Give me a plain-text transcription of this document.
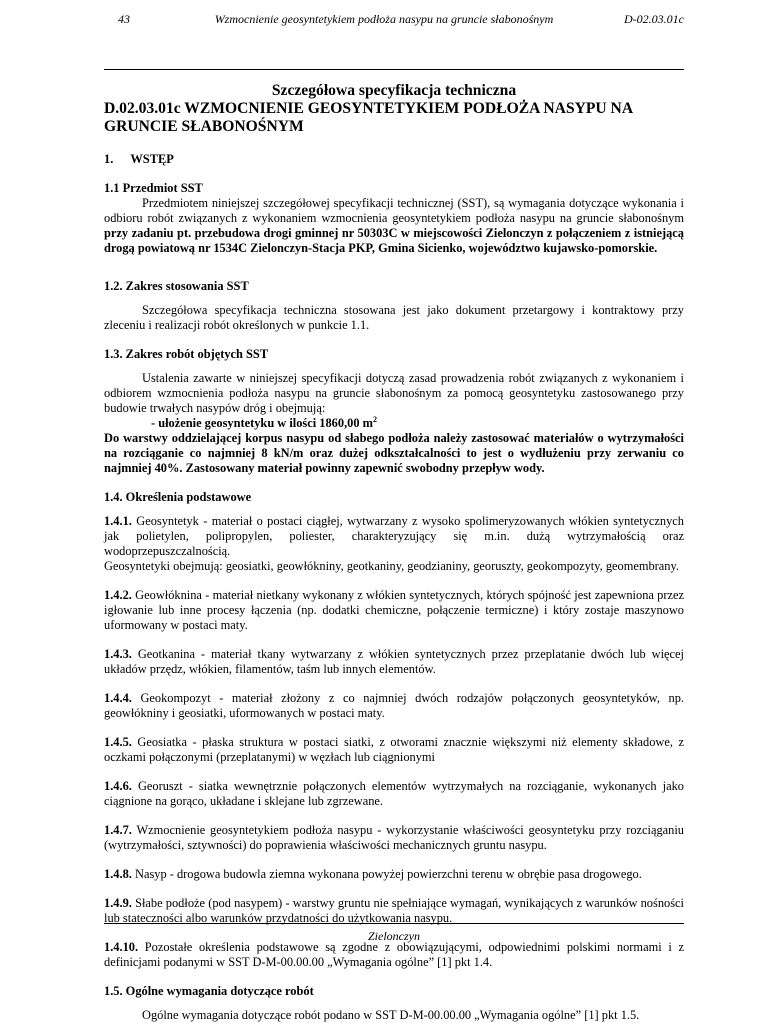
43	Wzmocnienie geosyntetykiem podłoża nasypu na gruncie słabonośnym	D-02.03.01c
Szczegółowa specyfikacja techniczna
D.02.03.01c WZMOCNIENIE GEOSYNTETYKIEM PODŁOŻA NASYPU NA GRUNCIE SŁABONOŚNYM
1. WSTĘP
1.1 Przedmiot SST

Przedmiotem niniejszej szczegółowej specyfikacji technicznej (SST), są wymagania dotyczące wykonania i odbioru robót związanych z wykonaniem wzmocnienia geosyntetykiem podłoża nasypu na gruncie słabonośnym przy zadaniu pt. przebudowa drogi gminnej nr 50303C w miejscowości Zielonczyn z połączeniem z istniejącą drogą powiatową nr 1534C Zielonczyn-Stacja PKP, Gmina Sicienko, województwo kujawsko-pomorskie.

1.2. Zakres stosowania SST

Szczegółowa specyfikacja techniczna stosowana jest jako dokument przetargowy i kontraktowy przy zleceniu i realizacji robót określonych w punkcie 1.1.

1.3. Zakres robót objętych SST

Ustalenia zawarte w niniejszej specyfikacji dotyczą zasad prowadzenia robót związanych z wykonaniem i odbiorem wzmocnienia podłoża nasypu na gruncie słabonośnym za pomocą geosyntetyku zastosowanego przy budowie trwałych nasypów dróg i obejmują:

- ułożenie geosyntetyku w ilości 1860,00 $m^2$

Do warstwy oddzielającej korpus nasypu od słabego podłoża należy zastosować materiałów o wytrzymałości na rozciąganie co najmniej 8 kN/m oraz dużej odkształcalności to jest o wydłużeniu przy zerwaniu co najmniej 40%. Zastosowany materiał powinny zapewnić swobodny przepływ wody.

1.4. Określenia podstawowe

1.4.1. Geosyntetyk - materiał o postaci ciągłej, wytwarzany z wysoko spolimeryzowanych włókien syntetycznych jak polietylen, polipropylen, poliester, charakteryzujący się m.in. dużą wytrzymałością oraz wodoprzepuszczalnością.
Geosyntetyki obejmują: geosiatki, geowłókniny, geotkaniny, geodzianiny, georuszty, geokompozyty, geomembrany.

1.4.2. Geowłóknina - materiał nietkany wykonany z włókien syntetycznych, których spójność jest zapewniona przez igłowanie lub inne procesy łączenia (np. dodatki chemiczne, połączenie termiczne) i który zostaje maszynowo uformowany w postaci maty.

1.4.3. Geotkanina - materiał tkany wytwarzany z włókien syntetycznych przez przeplatanie dwóch lub więcej układów przędz, włókien, filamentów, taśm lub innych elementów.

1.4.4. Geokompozyt - materiał złożony z co najmniej dwóch rodzajów połączonych geosyntetyków, np. geowłókniny i geosiatki, uformowanych w postaci maty.

1.4.5. Geosiatka - płaska struktura w postaci siatki, z otworami znacznie większymi niż elementy składowe, z oczkami połączonymi (przeplatanymi) w węzłach lub ciągnionymi

1.4.6. Georuszt - siatka wewnętrznie połączonych elementów wytrzymałych na rozciąganie, wykonanych jako ciągnione na gorąco, układane i sklejane lub zgrzewane.

1.4.7. Wzmocnienie geosyntetykiem podłoża nasypu - wykorzystanie właściwości geosyntetyku przy rozciąganiu (wytrzymałości, sztywności) do poprawienia właściwości mechanicznych gruntu nasypu.

1.4.8. Nasyp - drogowa budowla ziemna wykonana powyżej powierzchni terenu w obrębie pasa drogowego.

1.4.9. Słabe podłoże (pod nasypem) - warstwy gruntu nie spełniające wymagań, wynikających z warunków nośności lub stateczności albo warunków przydatności do użytkowania nasypu.

1.4.10. Pozostałe określenia podstawowe są zgodne z obowiązującymi, odpowiednimi polskimi normami i z definicjami podanymi w SST D-M-00.00.00 „Wymagania ogólne” [1] pkt 1.4.

1.5. Ogólne wymagania dotyczące robót

Ogólne wymagania dotyczące robót podano w SST D-M-00.00.00 „Wymagania ogólne” [1] pkt 1.5.

Zielonczyn
